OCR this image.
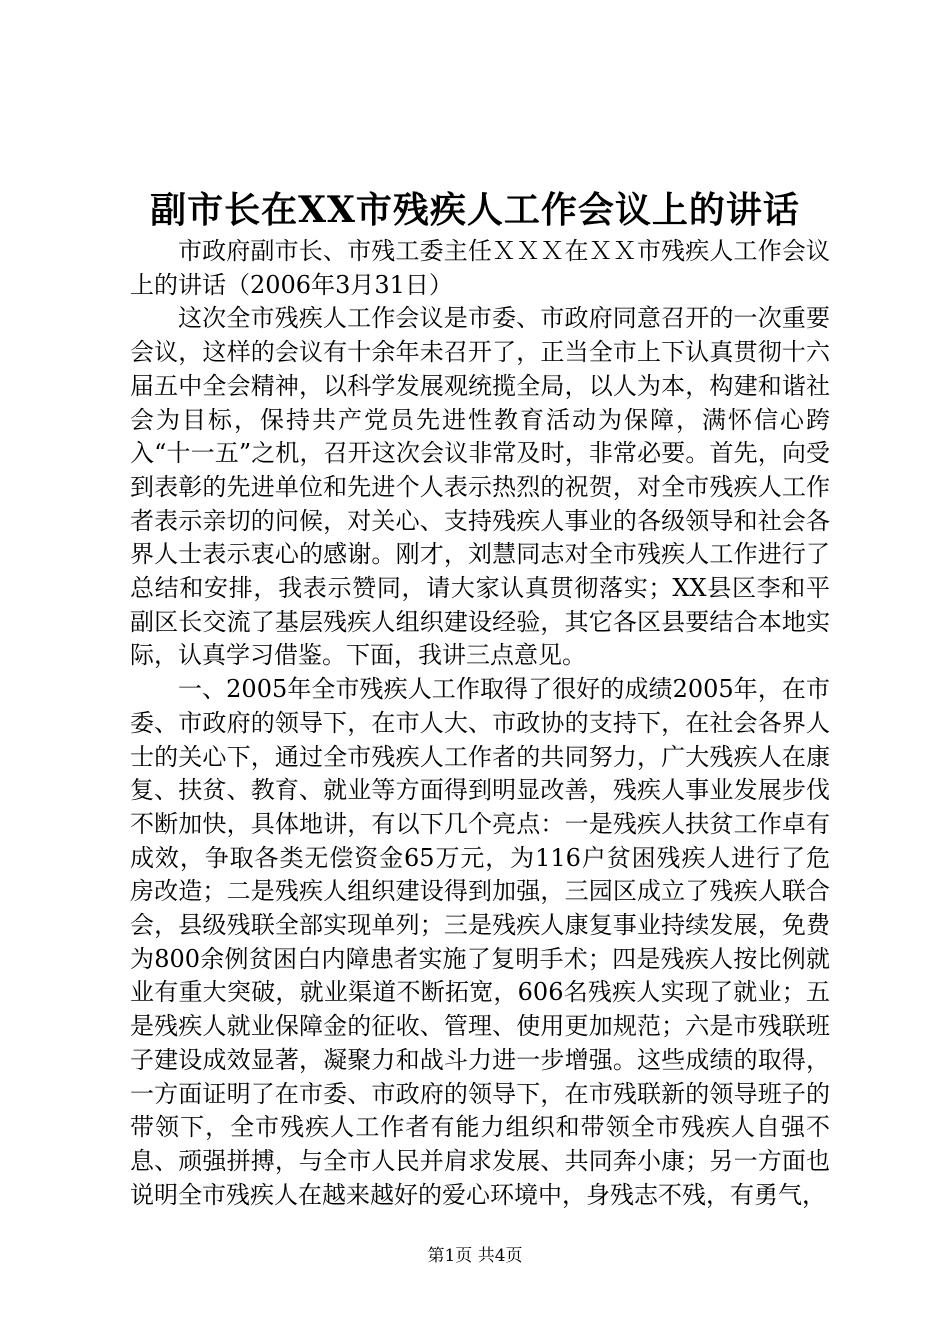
副市长在XX市残疾人工作会议上的讲话

市政府副市长、市残工委主任ＸＸＸ在ＸＸ市残疾人工作会议上的讲话（2006年3月31日）

这次全市残疾人工作会议是市委、市政府同意召开的一次重要会议，这样的会议有十余年未召开了，正当全市上下认真贯彻十六届五中全会精神，以科学发展观统揽全局，以人为本，构建和谐社会为目标，保持共产党员先进性教育活动为保障，满怀信心跨入“十一五”之机，召开这次会议非常及时，非常必要。首先，向受到表彰的先进单位和先进个人表示热烈的祝贺，对全市残疾人工作者表示亲切的问候，对关心、支持残疾人事业的各级领导和社会各界人士表示衷心的感谢。刚才，刘慧同志对全市残疾人工作进行了总结和安排，我表示赞同，请大家认真贯彻落实；XX县区李和平副区长交流了基层残疾人组织建设经验，其它各区县要结合本地实际，认真学习借鉴。下面，我讲三点意见。

一、2005年全市残疾人工作取得了很好的成绩2005年，在市委、市政府的领导下，在市人大、市政协的支持下，在社会各界人士的关心下，通过全市残疾人工作者的共同努力，广大残疾人在康复、扶贫、教育、就业等方面得到明显改善，残疾人事业发展步伐不断加快，具体地讲，有以下几个亮点：一是残疾人扶贫工作卓有成效，争取各类无偿资金65万元，为116户贫困残疾人进行了危房改造；二是残疾人组织建设得到加强，三园区成立了残疾人联合会，县级残联全部实现单列；三是残疾人康复事业持续发展，免费为800余例贫困白内障患者实施了复明手术；四是残疾人按比例就业有重大突破，就业渠道不断拓宽，606名残疾人实现了就业；五是残疾人就业保障金的征收、管理、使用更加规范；六是市残联班子建设成效显著，凝聚力和战斗力进一步增强。这些成绩的取得，一方面证明了在市委、市政府的领导下，在市残联新的领导班子的带领下，全市残疾人工作者有能力组织和带领全市残疾人自强不息、顽强拼搏，与全市人民并肩求发展、共同奔小康；另一方面也说明全市残疾人在越来越好的爱心环境中，身残志不残，有勇气，

第1页 共4页
